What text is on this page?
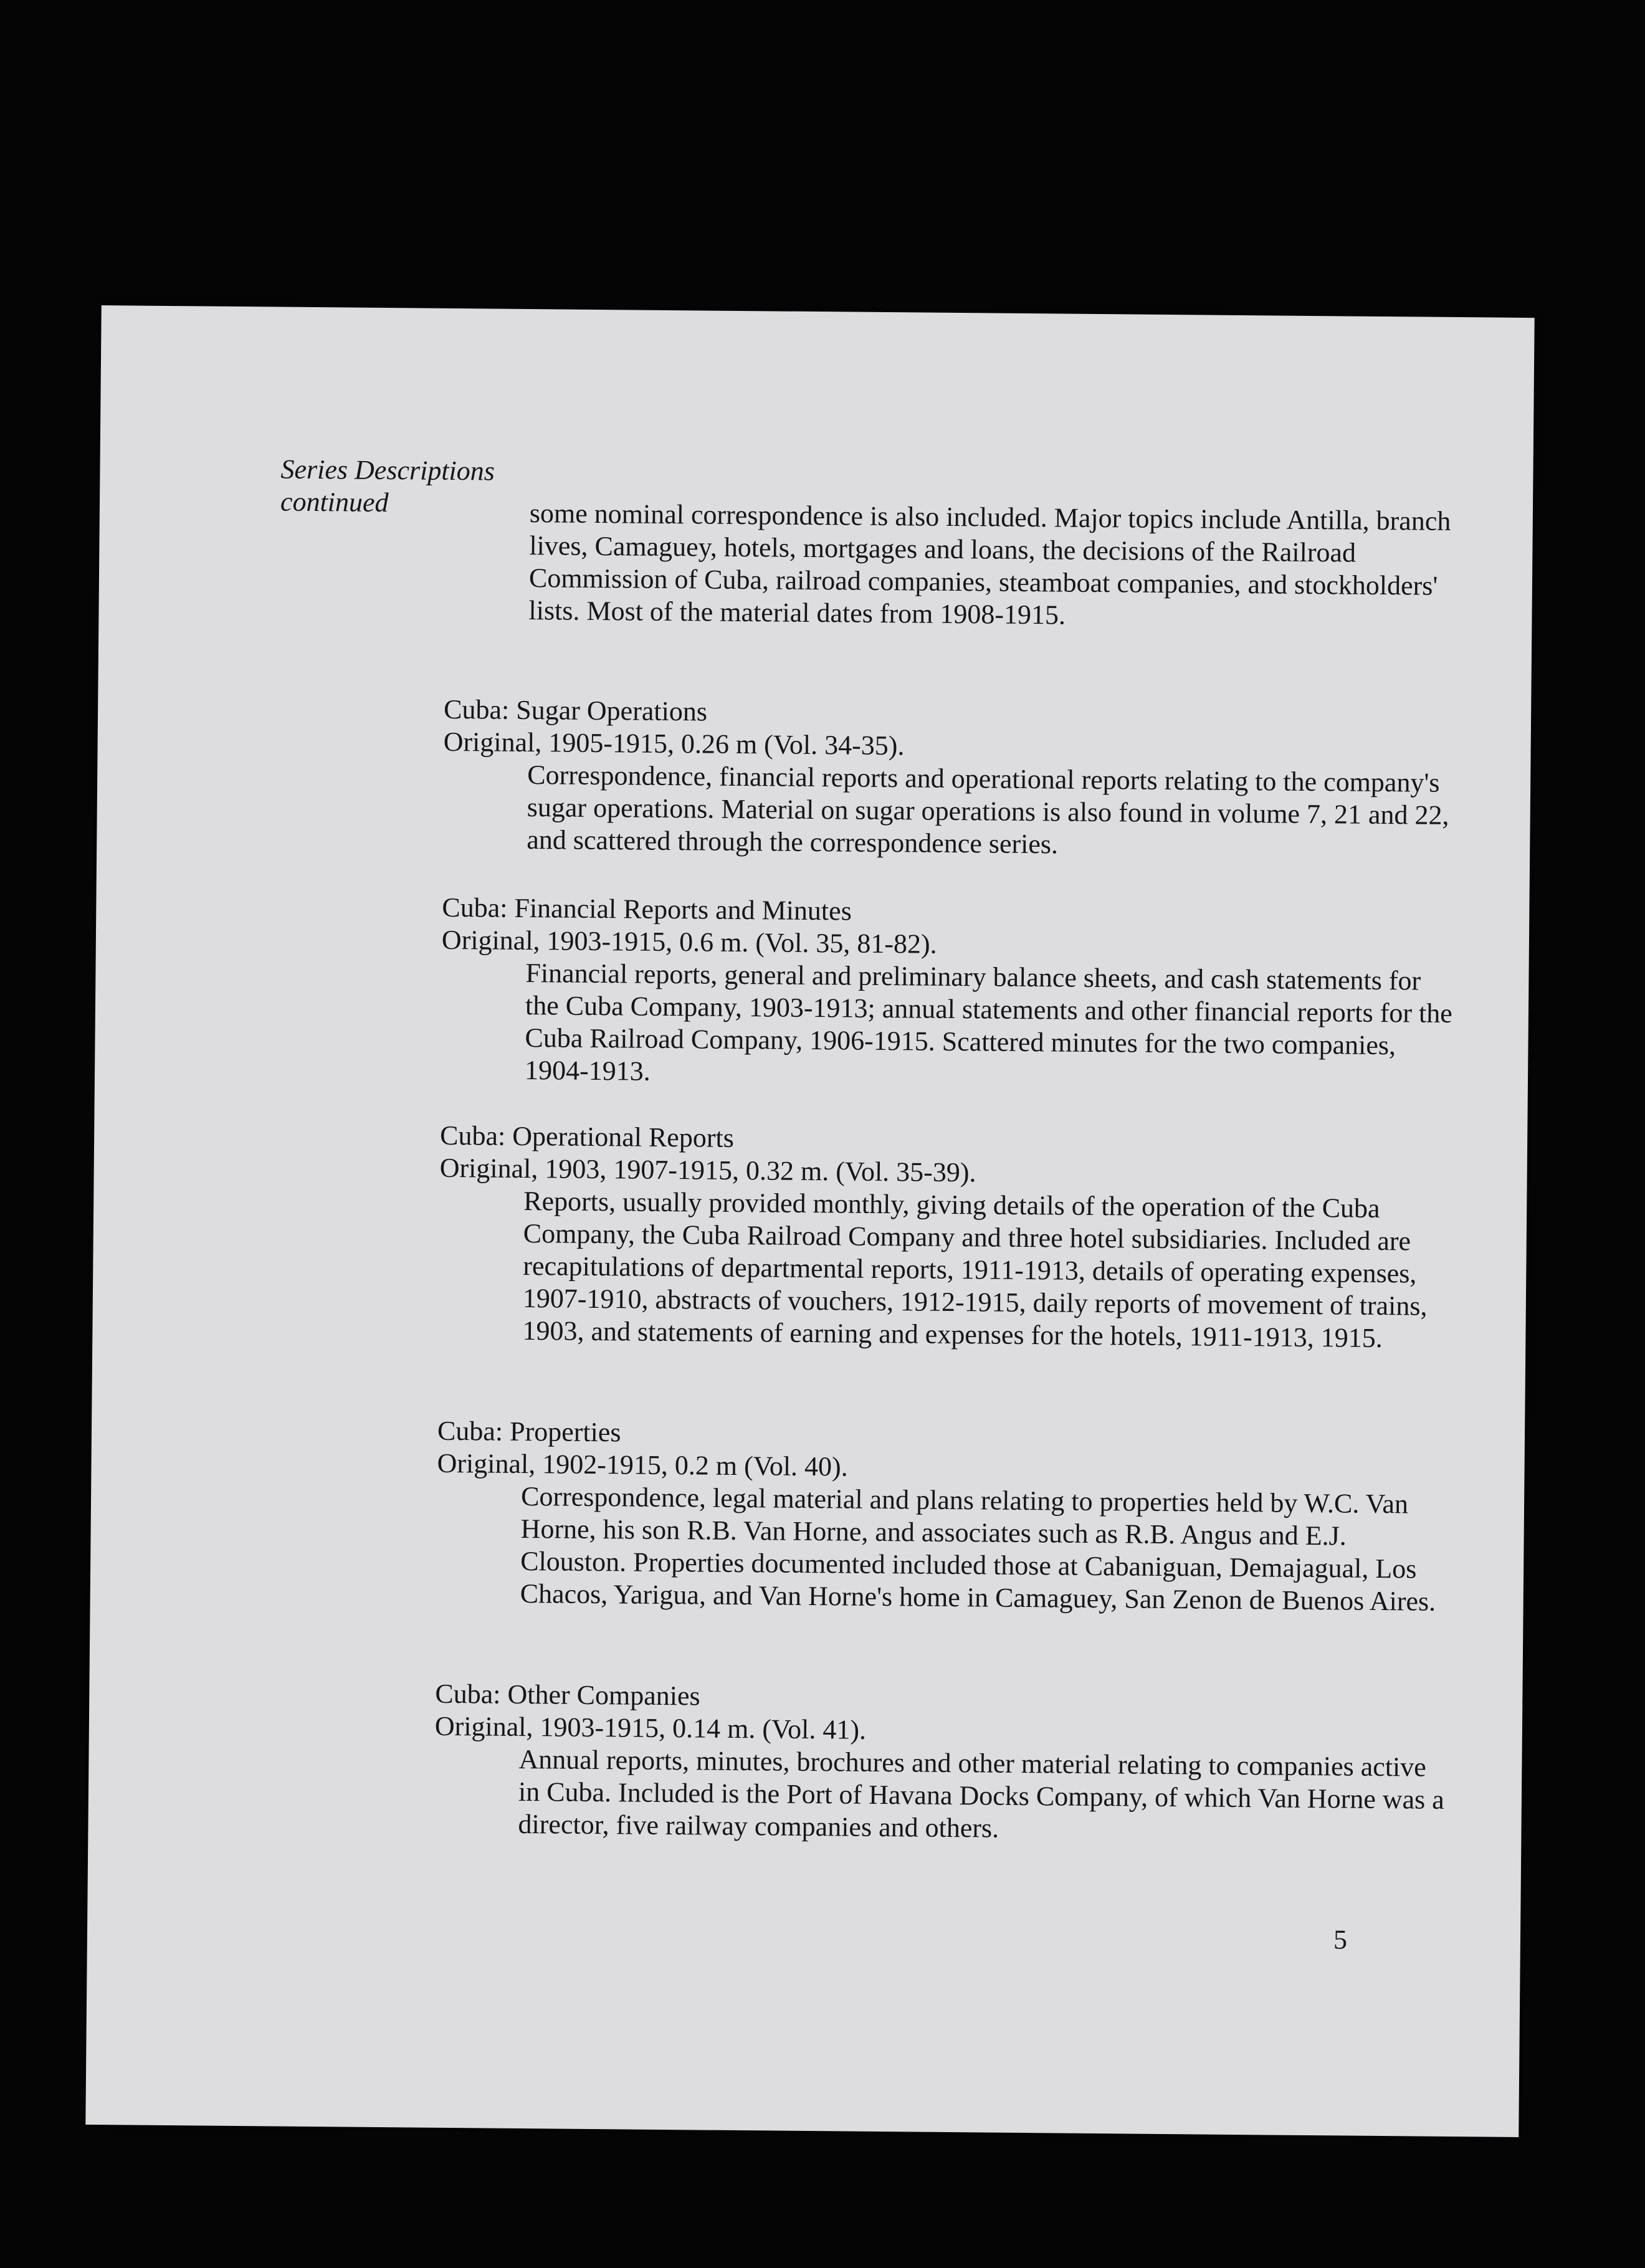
Series Descriptions
continued	some nominal correspondence is also included. Major topics include Antilla, branch lives, Camaguey, hotels, mortgages and loans, the decisions of the Railroad Commission of Cuba, railroad companies, steamboat companies, and stockholders' lists. Most of the material dates from 1908-1915.
Cuba: Sugar Operations
Original, 1905-1915, 0.26 m (Vol. 34-35).
Correspondence, financial reports and operational reports relating to the company's sugar operations. Material on sugar operations is also found in volume 7, 21 and 22, and scattered through the correspondence series.
Cuba: Financial Reports and Minutes
Original, 1903-1915, 0.6 m. (Vol. 35, 81-82).
Financial reports, general and preliminary balance sheets, and cash statements for the Cuba Company, 1903-1913; annual statements and other financial reports for the Cuba Railroad Company, 1906-1915. Scattered minutes for the two companies, 1904-1913.
Cuba: Operational Reports
Original, 1903, 1907-1915, 0.32 m. (Vol. 35-39).
Reports, usually provided monthly, giving details of the operation of the Cuba Company, the Cuba Railroad Company and three hotel subsidiaries. Included are recapitulations of departmental reports, 1911-1913, details of operating expenses, 1907-1910, abstracts of vouchers, 1912-1915, daily reports of movement of trains, 1903, and statements of earning and expenses for the hotels, 1911-1913, 1915.
Cuba: Properties
Original, 1902-1915, 0.2 m (Vol. 40).
Correspondence, legal material and plans relating to properties held by W.C. Van Horne, his son R.B. Van Horne, and associates such as R.B. Angus and E.J. Clouston. Properties documented included those at Cabaniguan, Demajagual, Los Chacos, Yarigua, and Van Horne's home in Camaguey, San Zenon de Buenos Aires.
Cuba: Other Companies
Original, 1903-1915, 0.14 m. (Vol. 41).
Annual reports, minutes, brochures and other material relating to companies active in Cuba. Included is the Port of Havana Docks Company, of which Van Horne was a director, five railway companies and others.
5
